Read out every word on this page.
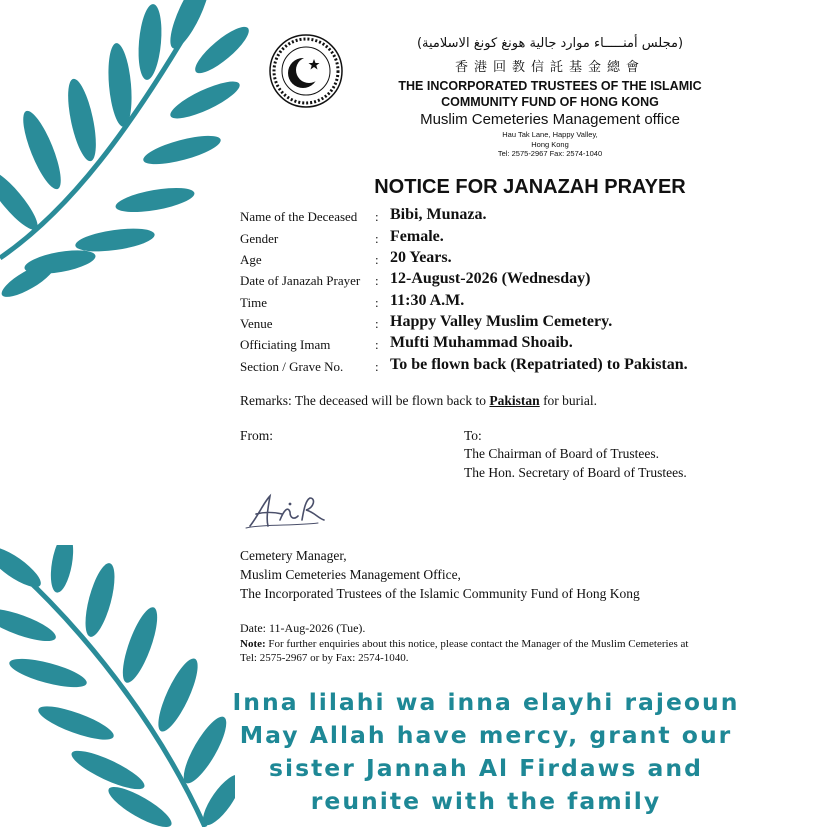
(مجلس أمنـــــاء موارد جالية هونغ كونغ الاسلامية)
香港回教信託基金總會
THE INCORPORATED TRUSTEES OF THE ISLAMIC
COMMUNITY FUND OF HONG KONG
Muslim Cemeteries Management office
Hau Tak Lane, Happy Valley,
Hong Kong
Tel: 2575-2967 Fax: 2574-1040
NOTICE FOR JANAZAH PRAYER
Name of the Deceased : Bibi, Munaza.
Gender	: Female.
Age	: 20 Years.
Date of Janazah Prayer : 12-August-2026 (Wednesday)
Time	: 11:30 A.M.
Venue	: Happy Valley Muslim Cemetery.
Officiating Imam	: Mufti Muhammad Shoaib.
Section / Grave No. : To be flown back (Repatriated) to Pakistan.
Remarks: The deceased will be flown back to Pakistan for burial.
From:	To:
The Chairman of Board of Trustees.
The Hon. Secretary of Board of Trustees.
Cemetery Manager,
Muslim Cemeteries Management Office,
The Incorporated Trustees of the Islamic Community Fund of Hong Kong
Date: 11-Aug-2026 (Tue).
Note: For further enquiries about this notice, please contact the Manager of the Muslim Cemeteries at
Tel: 2575-2967 or by Fax: 2574-1040.
Inna lilahi wa inna elayhi rajeoun
May Allah have mercy, grant our
sister Jannah Al Firdaws and
reunite with the family
